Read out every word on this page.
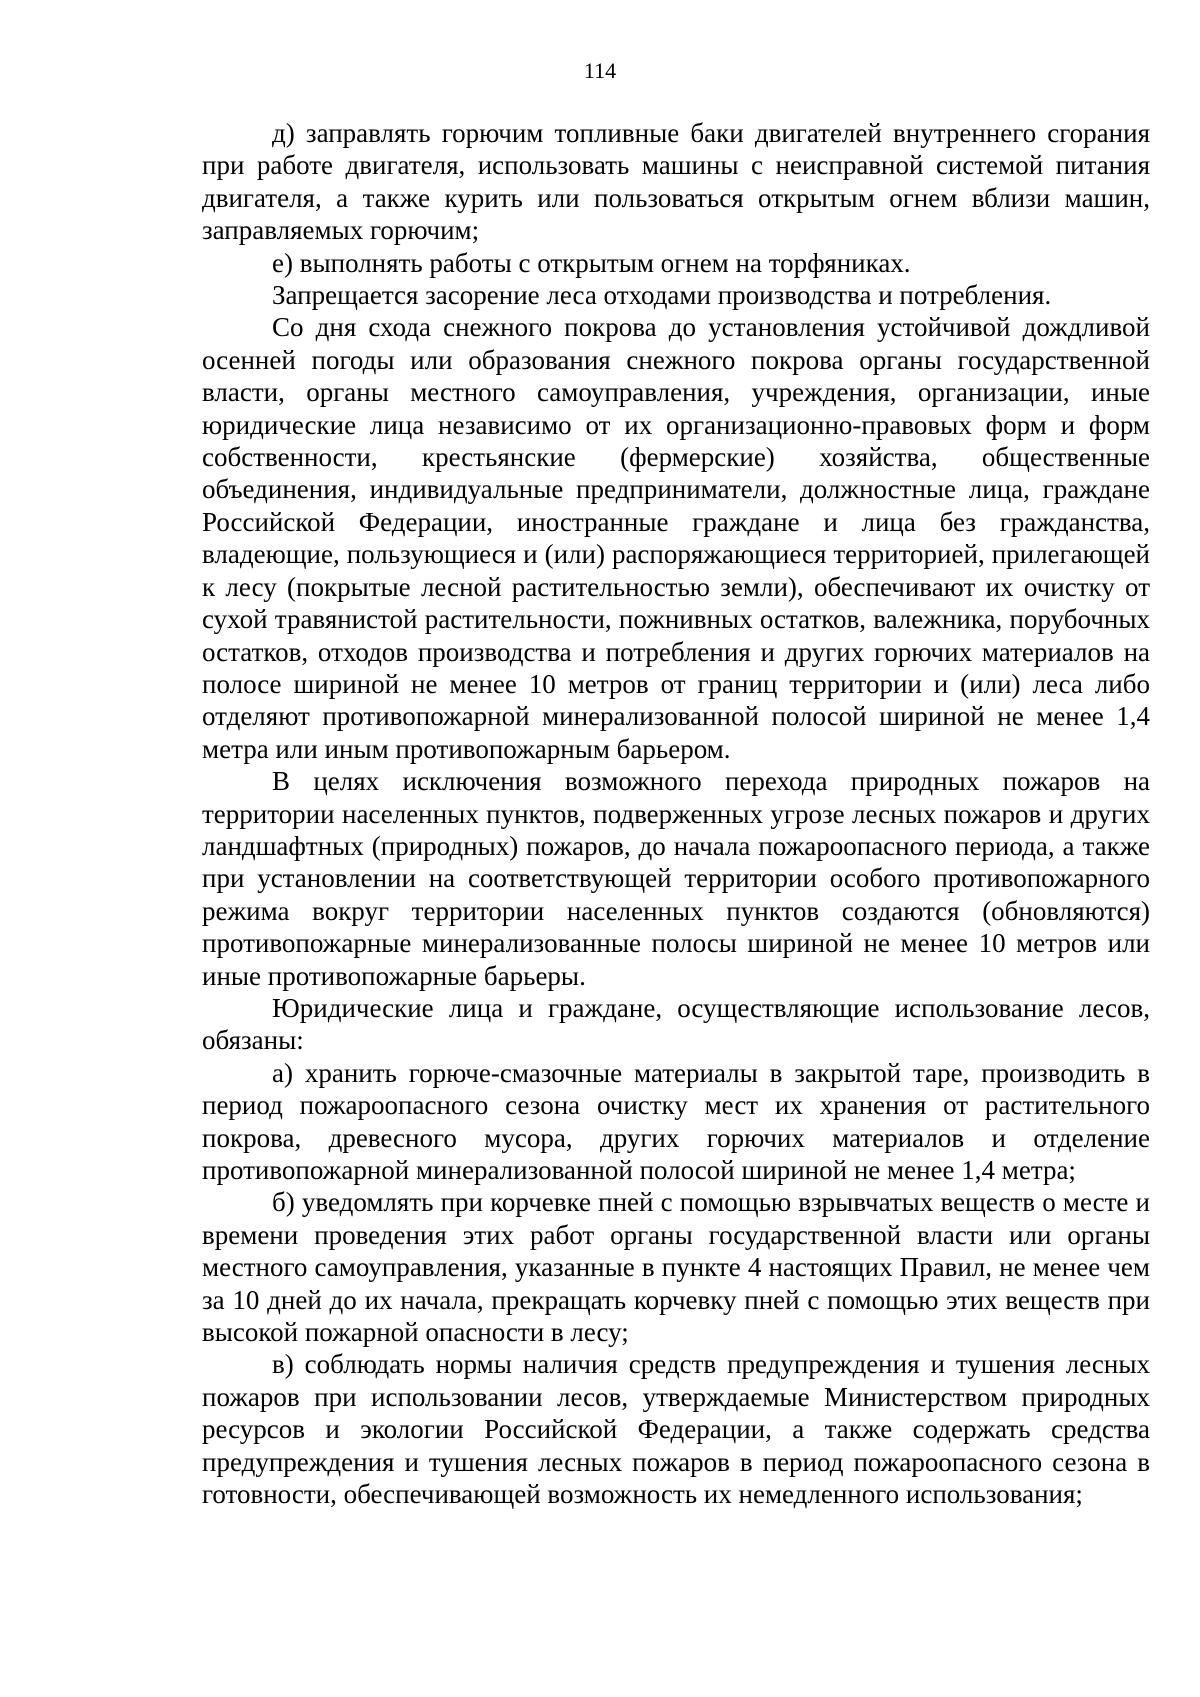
114

д) заправлять горючим топливные баки двигателей внутреннего сгорания при работе двигателя, использовать машины с неисправной системой питания двигателя, а также курить или пользоваться открытым огнем вблизи машин, заправляемых горючим;

е) выполнять работы с открытым огнем на торфяниках.

Запрещается засорение леса отходами производства и потребления.

Со дня схода снежного покрова до установления устойчивой дождливой осенней погоды или образования снежного покрова органы государственной власти, органы местного самоуправления, учреждения, организации, иные юридические лица независимо от их организационно-правовых форм и форм собственности, крестьянские (фермерские) хозяйства, общественные объединения, индивидуальные предприниматели, должностные лица, граждане Российской Федерации, иностранные граждане и лица без гражданства, владеющие, пользующиеся и (или) распоряжающиеся территорией, прилегающей к лесу (покрытые лесной растительностью земли), обеспечивают их очистку от сухой травянистой растительности, пожнивных остатков, валежника, порубочных остатков, отходов производства и потребления и других горючих материалов на полосе шириной не менее 10 метров от границ территории и (или) леса либо отделяют противопожарной минерализованной полосой шириной не менее 1,4 метра или иным противопожарным барьером.

В целях исключения возможного перехода природных пожаров на территории населенных пунктов, подверженных угрозе лесных пожаров и других ландшафтных (природных) пожаров, до начала пожароопасного периода, а также при установлении на соответствующей территории особого противопожарного режима вокруг территории населенных пунктов создаются (обновляются) противопожарные минерализованные полосы шириной не менее 10 метров или иные противопожарные барьеры.

Юридические лица и граждане, осуществляющие использование лесов, обязаны:

а) хранить горюче-смазочные материалы в закрытой таре, производить в период пожароопасного сезона очистку мест их хранения от растительного покрова, древесного мусора, других горючих материалов и отделение противопожарной минерализованной полосой шириной не менее 1,4 метра;

б) уведомлять при корчевке пней с помощью взрывчатых веществ о месте и времени проведения этих работ органы государственной власти или органы местного самоуправления, указанные в пункте 4 настоящих Правил, не менее чем за 10 дней до их начала, прекращать корчевку пней с помощью этих веществ при высокой пожарной опасности в лесу;

в) соблюдать нормы наличия средств предупреждения и тушения лесных пожаров при использовании лесов, утверждаемые Министерством природных ресурсов и экологии Российской Федерации, а также содержать средства предупреждения и тушения лесных пожаров в период пожароопасного сезона в готовности, обеспечивающей возможность их немедленного использования;
